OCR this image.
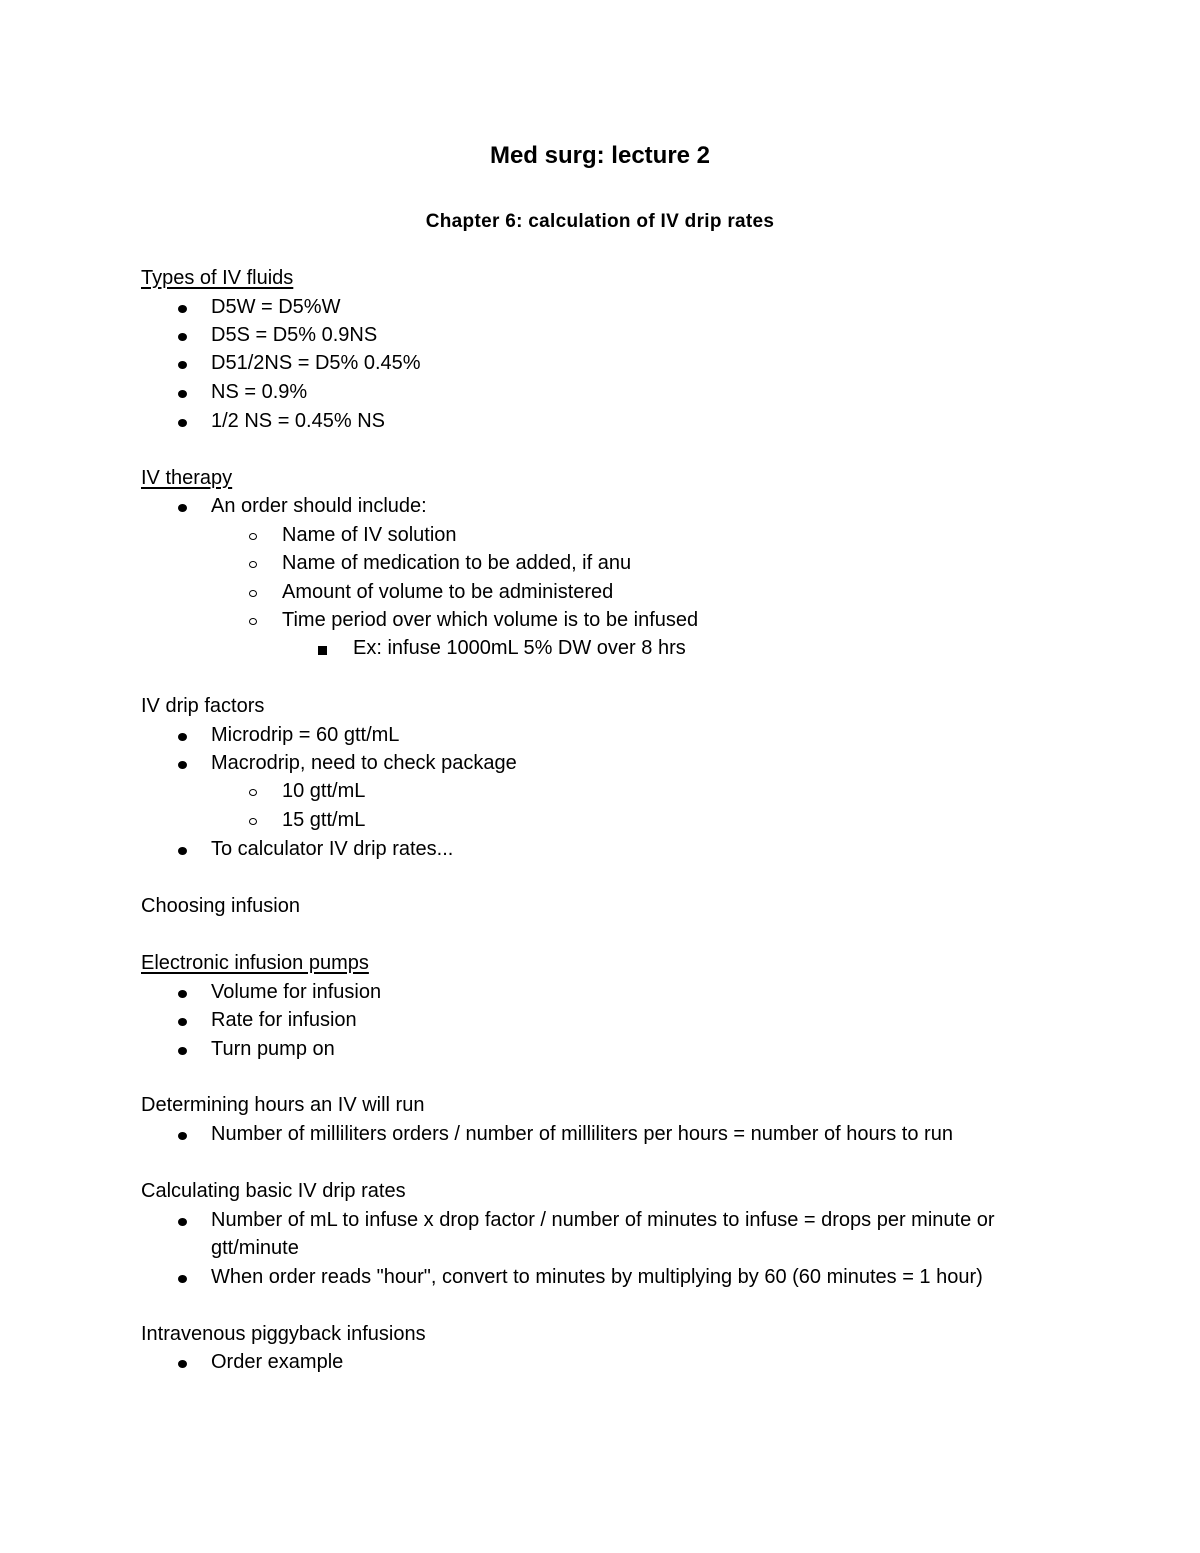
Med surg: lecture 2
Chapter 6: calculation of IV drip rates
Types of IV fluids
D5W = D5%W
D5S = D5% 0.9NS
D51/2NS = D5% 0.45%
NS = 0.9%
1/2 NS = 0.45% NS
IV therapy
An order should include:
Name of IV solution
Name of medication to be added, if anu
Amount of volume to be administered
Time period over which volume is to be infused
Ex: infuse 1000mL 5% DW over 8 hrs
IV drip factors
Microdrip = 60 gtt/mL
Macrodrip, need to check package
10 gtt/mL
15 gtt/mL
To calculator IV drip rates...
Choosing infusion
Electronic infusion pumps
Volume for infusion
Rate for infusion
Turn pump on
Determining hours an IV will run
Number of milliliters orders / number of milliliters per hours = number of hours to run
Calculating basic IV drip rates
Number of mL to infuse x drop factor / number of minutes to infuse = drops per minute or
gtt/minute
When order reads "hour", convert to minutes by multiplying by 60 (60 minutes = 1 hour)
Intravenous piggyback infusions
Order example
